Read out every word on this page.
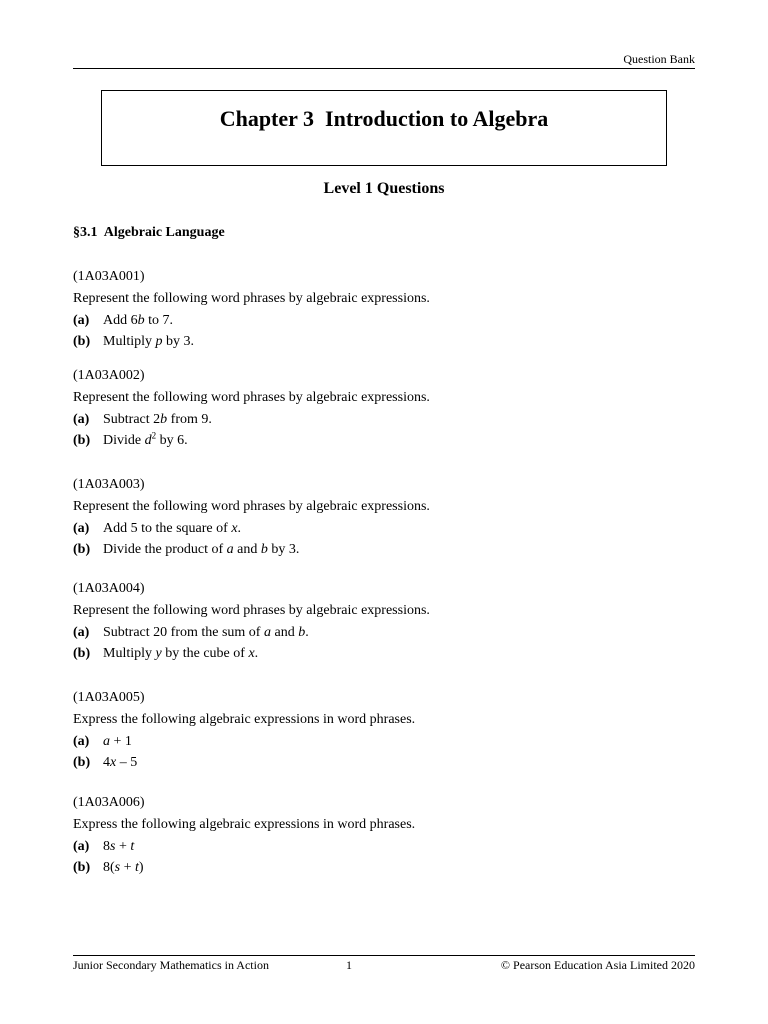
Question Bank
Chapter 3  Introduction to Algebra
Level 1 Questions
§3.1  Algebraic Language
(1A03A001)
Represent the following word phrases by algebraic expressions.
(a) Add 6b to 7.
(b) Multiply p by 3.
(1A03A002)
Represent the following word phrases by algebraic expressions.
(a) Subtract 2b from 9.
(b) Divide $d^2$ by 6.
(1A03A003)
Represent the following word phrases by algebraic expressions.
(a) Add 5 to the square of x.
(b) Divide the product of a and b by 3.
(1A03A004)
Represent the following word phrases by algebraic expressions.
(a) Subtract 20 from the sum of a and b.
(b) Multiply y by the cube of x.
(1A03A005)
Express the following algebraic expressions in word phrases.
(a) a + 1
(b) 4x – 5
(1A03A006)
Express the following algebraic expressions in word phrases.
(a) 8s + t
(b) 8(s + t)
Junior Secondary Mathematics in Action	1	© Pearson Education Asia Limited 2020
